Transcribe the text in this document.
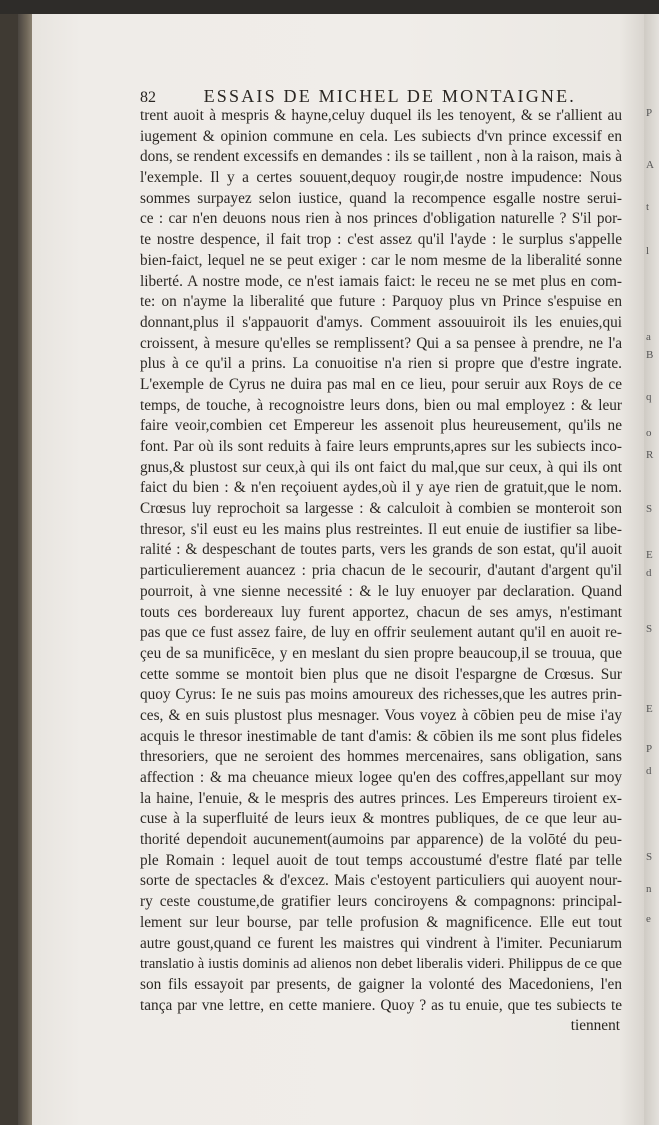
P
A
t
l
a
B
q
o
R
S
E
d
S
E
P
d
S
n
e
82	ESSAIS DE MICHEL DE MONTAIGNE.
trent auoit à mespris & hayne,celuy duquel ils les tenoyent, & se r'allient au
iugement & opinion commune en cela. Les subiects d'vn prince excessif en
dons, se rendent excessifs en demandes : ils se taillent , non à la raison, mais à
l'exemple. Il y a certes souuent,dequoy rougir,de nostre impudence: Nous
sommes surpayez selon iustice, quand la recompence esgalle nostre serui-
ce : car n'en deuons nous rien à nos princes d'obligation naturelle ? S'il por-
te nostre despence, il fait trop : c'est assez qu'il l'ayde : le surplus s'appelle
bien-faict, lequel ne se peut exiger : car le nom mesme de la liberalité sonne
liberté. A nostre mode, ce n'est iamais faict: le receu ne se met plus en com-
te: on n'ayme la liberalité que future : Parquoy plus vn Prince s'espuise en
donnant,plus il s'appauorit d'amys. Comment assouuiroit ils les enuies,qui
croissent, à mesure qu'elles se remplissent? Qui a sa pensee à prendre, ne l'a
plus à ce qu'il a prins. La conuoitise n'a rien si propre que d'estre ingrate.
L'exemple de Cyrus ne duira pas mal en ce lieu, pour seruir aux Roys de ce
temps, de touche, à recognoistre leurs dons, bien ou mal employez : & leur
faire veoir,combien cet Empereur les assenoit plus heureusement, qu'ils ne
font. Par où ils sont reduits à faire leurs emprunts,apres sur les subiects inco-
gnus,& plustost sur ceux,à qui ils ont faict du mal,que sur ceux, à qui ils ont
faict du bien : & n'en reçoiuent aydes,où il y aye rien de gratuit,que le nom.
Crœsus luy reprochoit sa largesse : & calculoit à combien se monteroit son
thresor, s'il eust eu les mains plus restreintes. Il eut enuie de iustifier sa libe-
ralité : & despeschant de toutes parts, vers les grands de son estat, qu'il auoit
particulierement auancez : pria chacun de le secourir, d'autant d'argent qu'il
pourroit, à vne sienne necessité : & le luy enuoyer par declaration. Quand
touts ces bordereaux luy furent apportez, chacun de ses amys, n'estimant
pas que ce fust assez faire, de luy en offrir seulement autant qu'il en auoit re-
çeu de sa munificēce, y en meslant du sien propre beaucoup,il se trouua, que
cette somme se montoit bien plus que ne disoit l'espargne de Crœsus. Sur
quoy Cyrus: Ie ne suis pas moins amoureux des richesses,que les autres prin-
ces, & en suis plustost plus mesnager. Vous voyez à cōbien peu de mise i'ay
acquis le thresor inestimable de tant d'amis: & cōbien ils me sont plus fideles
thresoriers, que ne seroient des hommes mercenaires, sans obligation, sans
affection : & ma cheuance mieux logee qu'en des coffres,appellant sur moy
la haine, l'enuie, & le mespris des autres princes. Les Empereurs tiroient ex-
cuse à la superfluité de leurs ieux & montres publiques, de ce que leur au-
thorité dependoit aucunement(aumoins par apparence) de la volōté du peu-
ple Romain : lequel auoit de tout temps accoustumé d'estre flaté par telle
sorte de spectacles & d'excez. Mais c'estoyent particuliers qui auoyent nour-
ry ceste coustume,de gratifier leurs conciroyens & compagnons: principal-
lement sur leur bourse, par telle profusion & magnificence. Elle eut tout
autre goust,quand ce furent les maistres qui vindrent à l'imiter. Pecuniarum
translatio à iustis dominis ad alienos non debet liberalis videri. Philippus de ce que
son fils essayoit par presents, de gaigner la volonté des Macedoniens, l'en
tança par vne lettre, en cette maniere. Quoy ? as tu enuie, que tes subiects te
tiennent
